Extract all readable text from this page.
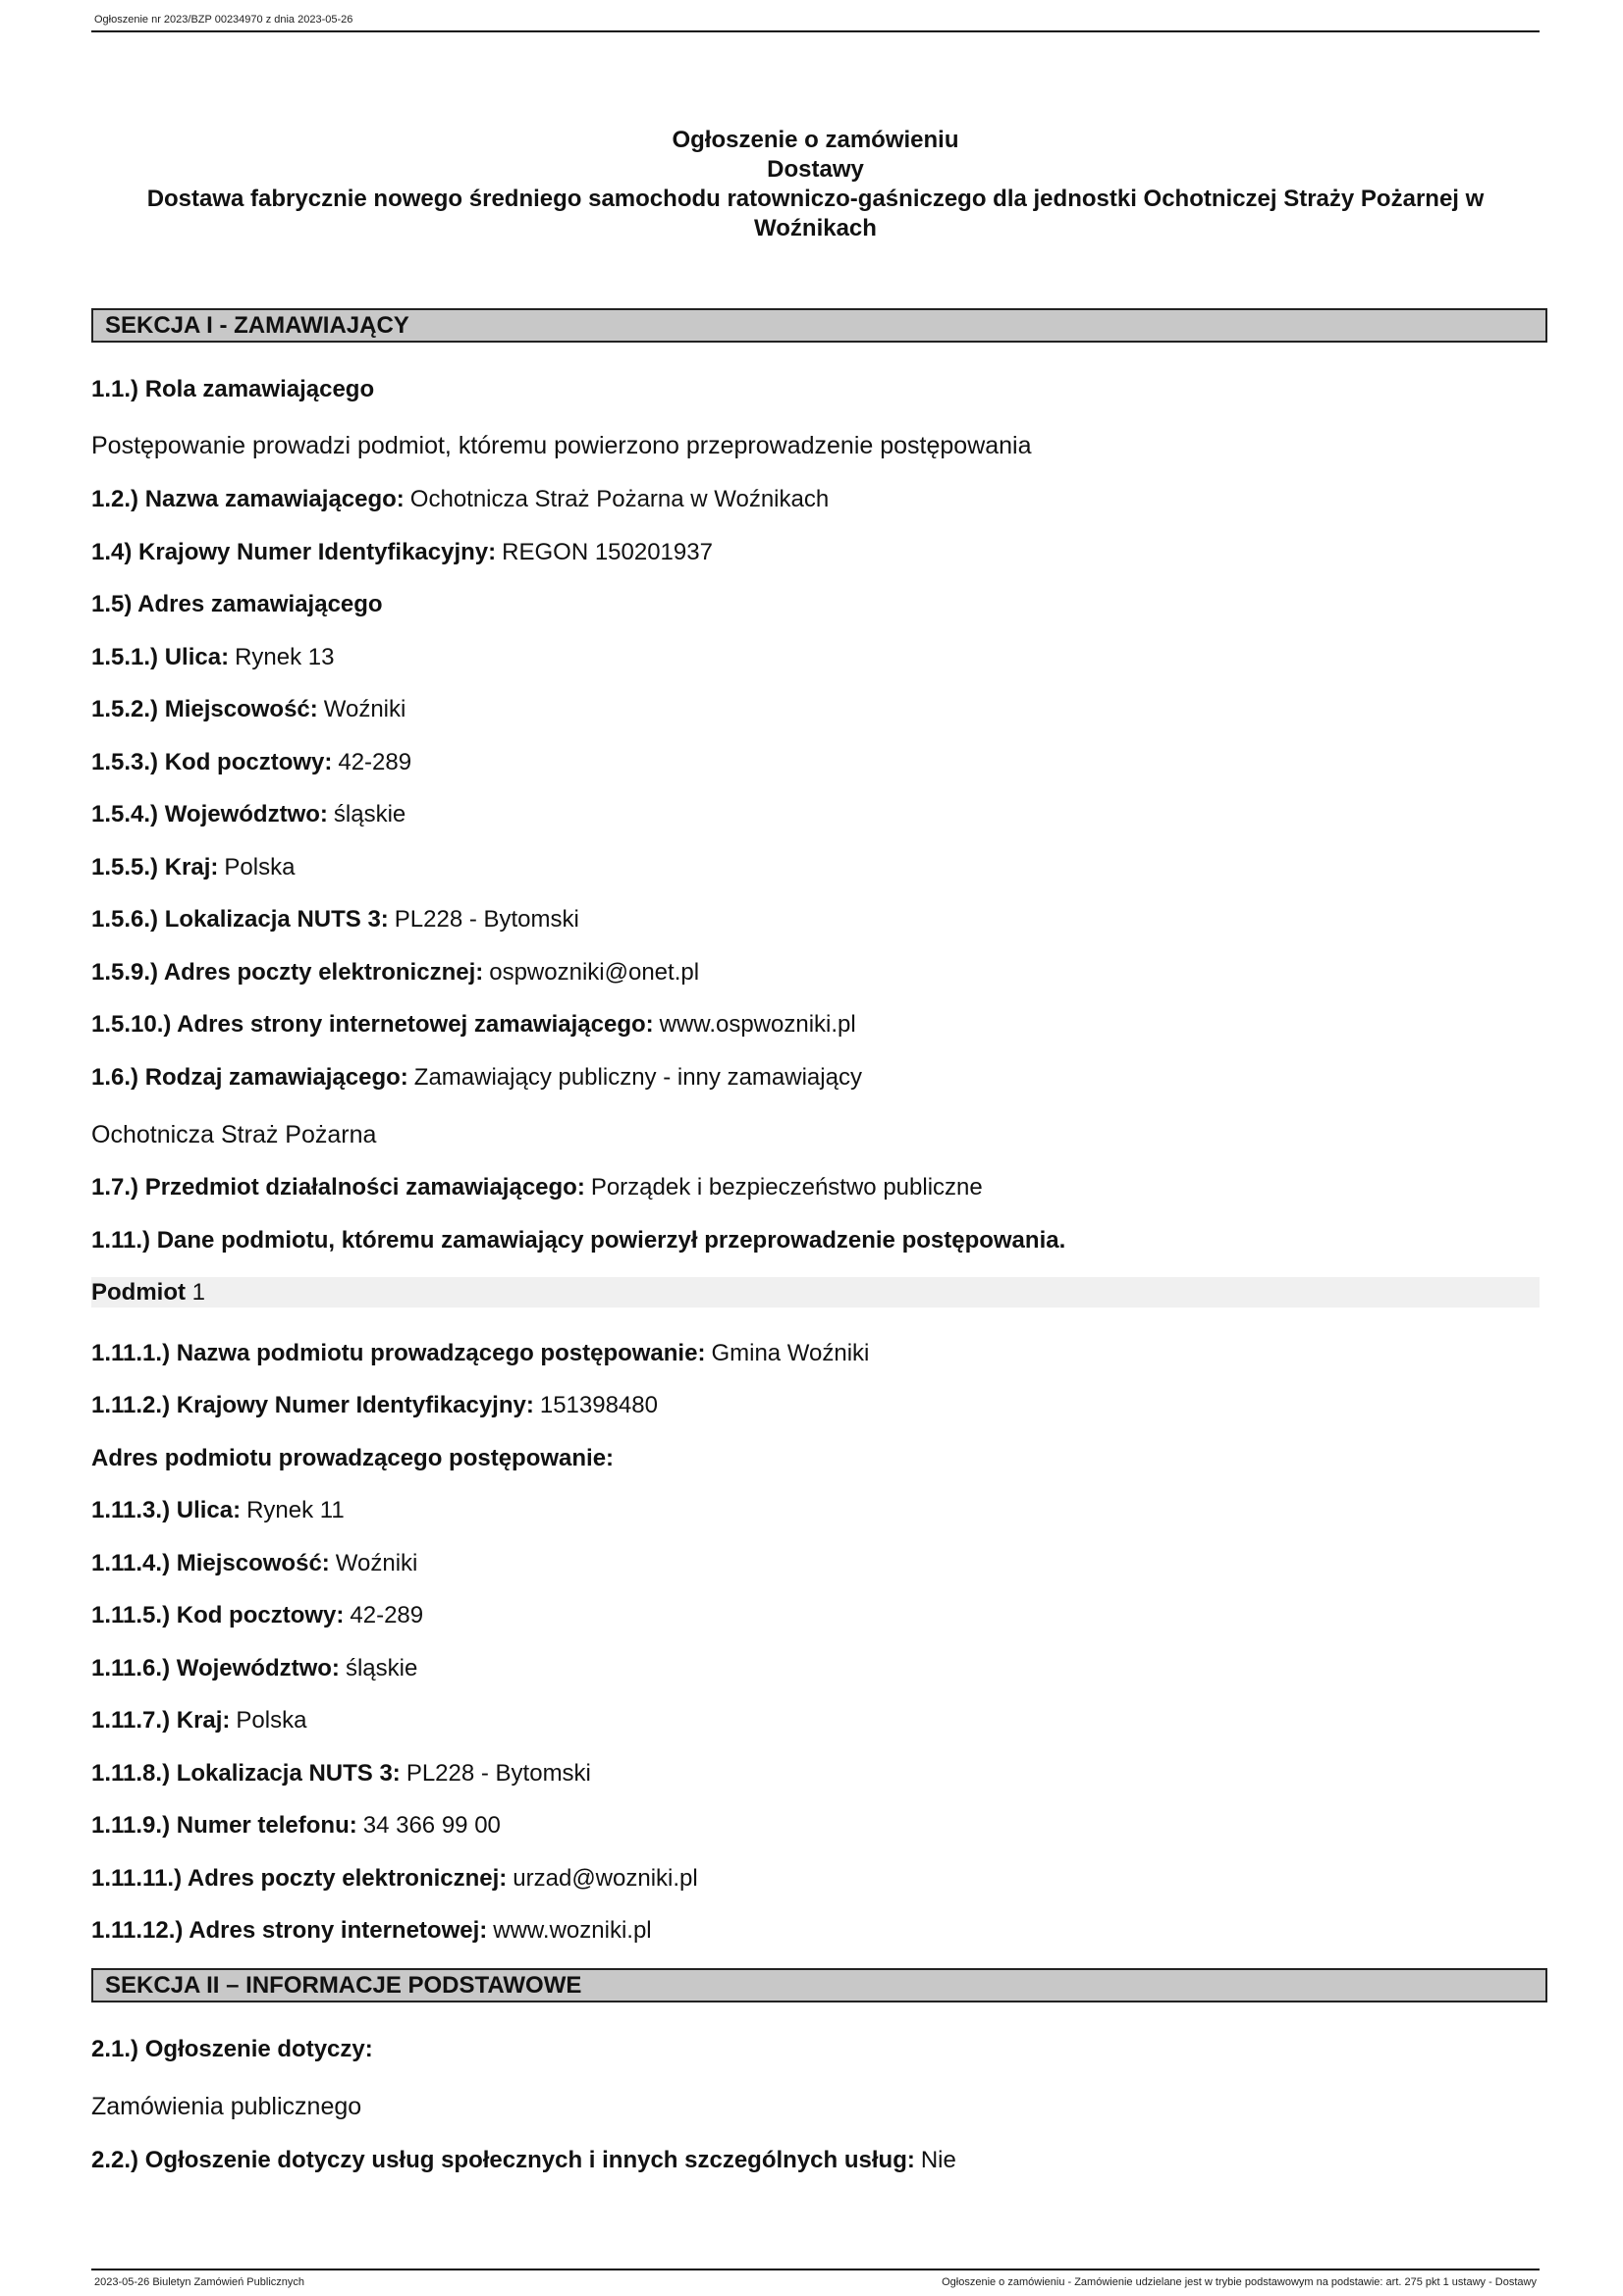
Ogłoszenie nr 2023/BZP 00234970 z dnia 2023-05-26
Ogłoszenie o zamówieniu
Dostawy
Dostawa fabrycznie nowego średniego samochodu ratowniczo-gaśniczego dla jednostki Ochotniczej Straży Pożarnej w
Woźnikach
SEKCJA I - ZAMAWIAJĄCY
1.1.) Rola zamawiającego
Postępowanie prowadzi podmiot, któremu powierzono przeprowadzenie postępowania
1.2.) Nazwa zamawiającego: Ochotnicza Straż Pożarna w Woźnikach
1.4) Krajowy Numer Identyfikacyjny: REGON 150201937
1.5) Adres zamawiającego
1.5.1.) Ulica: Rynek 13
1.5.2.) Miejscowość: Woźniki
1.5.3.) Kod pocztowy: 42-289
1.5.4.) Województwo: śląskie
1.5.5.) Kraj: Polska
1.5.6.) Lokalizacja NUTS 3: PL228 - Bytomski
1.5.9.) Adres poczty elektronicznej: ospwozniki@onet.pl
1.5.10.) Adres strony internetowej zamawiającego: www.ospwozniki.pl
1.6.) Rodzaj zamawiającego: Zamawiający publiczny - inny zamawiający
Ochotnicza Straż Pożarna
1.7.) Przedmiot działalności zamawiającego: Porządek i bezpieczeństwo publiczne
1.11.) Dane podmiotu, któremu zamawiający powierzył przeprowadzenie postępowania.
Podmiot 1
1.11.1.) Nazwa podmiotu prowadzącego postępowanie: Gmina Woźniki
1.11.2.) Krajowy Numer Identyfikacyjny: 151398480
Adres podmiotu prowadzącego postępowanie:
1.11.3.) Ulica: Rynek 11
1.11.4.) Miejscowość: Woźniki
1.11.5.) Kod pocztowy: 42-289
1.11.6.) Województwo: śląskie
1.11.7.) Kraj: Polska
1.11.8.) Lokalizacja NUTS 3: PL228 - Bytomski
1.11.9.) Numer telefonu: 34 366 99 00
1.11.11.) Adres poczty elektronicznej: urzad@wozniki.pl
1.11.12.) Adres strony internetowej: www.wozniki.pl
SEKCJA II – INFORMACJE PODSTAWOWE
2.1.) Ogłoszenie dotyczy:
Zamówienia publicznego
2.2.) Ogłoszenie dotyczy usług społecznych i innych szczególnych usług: Nie
2023-05-26 Biuletyn Zamówień Publicznych	Ogłoszenie o zamówieniu - Zamówienie udzielane jest w trybie podstawowym na podstawie: art. 275 pkt 1 ustawy - Dostawy
